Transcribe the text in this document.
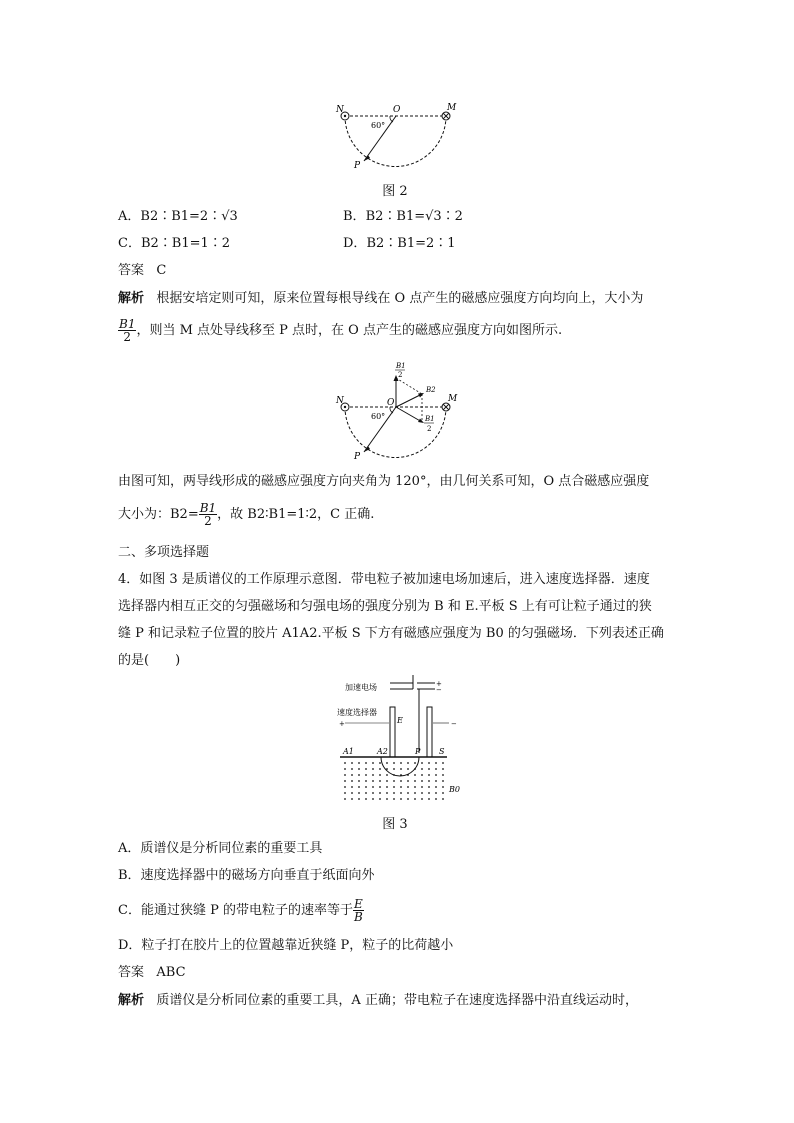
N	O	M
P
60°
图 2
A．B2∶B1=2∶√3	B．B2∶B1=√3∶2
C．B2∶B1=1∶2	D．B2∶B1=2∶1
答案 C
解析 根据安培定则可知，原来位置每根导线在 O 点产生的磁感应强度方向均向上，大小为
$\frac{B1}{2}$ ，则当 M 点处导线移至 P 点时，在 O 点产生的磁感应强度方向如图所示.
N	O	M
P
60°
B1
2
B2
B1
2
由图可知，两导线形成的磁感应强度方向夹角为 120°，由几何关系可知，O 点合磁感应强度
大小为：$B2= \frac{B1}{2}$ ，故 B2∶B1=1∶2，C 正确.
二、多项选择题
4．如图 3 是质谱仪的工作原理示意图．带电粒子被加速电场加速后，进入速度选择器．速度
选择器内相互正交的匀强磁场和匀强电场的强度分别为 B 和 E.平板 S 上有可让粒子通过的狭
缝 P 和记录粒子位置的胶片 A1A2.平板 S 下方有磁感应强度为 B0 的匀强磁场．下列表述正确
的是(　　)
加速电场	+
−
速度选择器
E
+	−
A1	A2	P S
B0
图 3
A．质谱仪是分析同位素的重要工具
B．速度选择器中的磁场方向垂直于纸面向外
C．能通过狭缝 P 的带电粒子的速率等于 $\frac{E}{B}$
D．粒子打在胶片上的位置越靠近狭缝 P，粒子的比荷越小
答案 ABC
解析 质谱仪是分析同位素的重要工具，A 正确；带电粒子在速度选择器中沿直线运动时，
